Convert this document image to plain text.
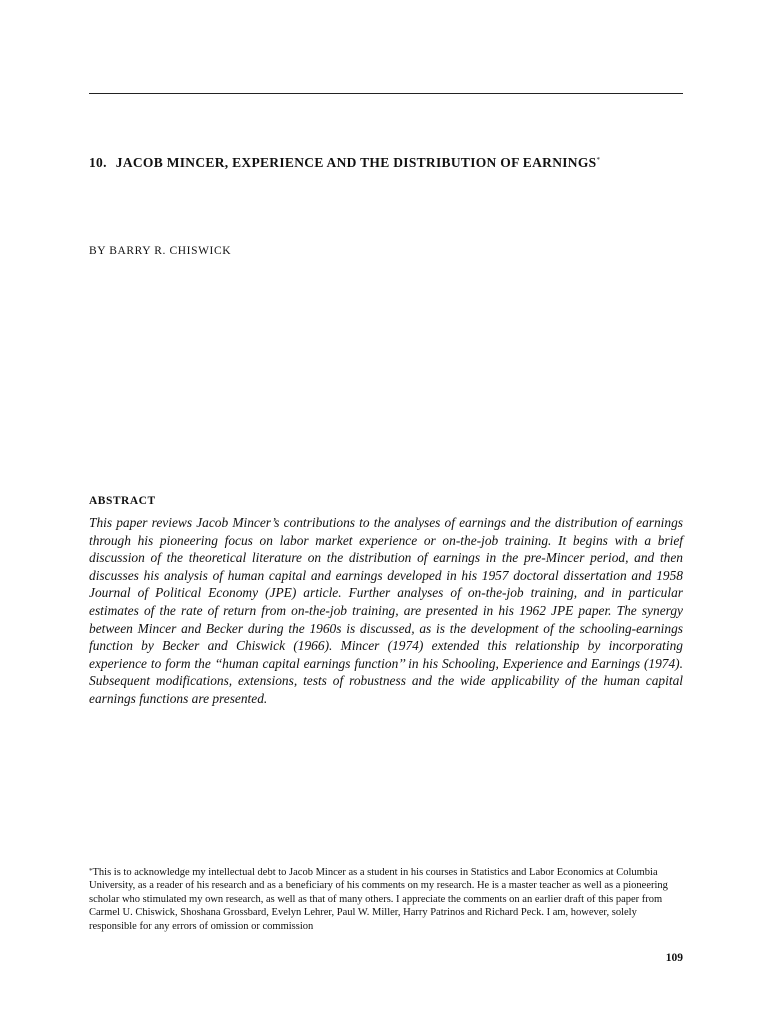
10. JACOB MINCER, EXPERIENCE AND THE DISTRIBUTION OF EARNINGS*

BY BARRY R. CHISWICK

ABSTRACT

This paper reviews Jacob Mincer’s contributions to the analyses of earnings and the distribution of earnings through his pioneering focus on labor market experience or on-the-job training. It begins with a brief discussion of the theoretical literature on the distribution of earnings in the pre-Mincer period, and then discusses his analysis of human capital and earnings developed in his 1957 doctoral dissertation and 1958 Journal of Political Economy (JPE) article. Further analyses of on-the-job training, and in particular estimates of the rate of return from on-the-job training, are presented in his 1962 JPE paper. The synergy between Mincer and Becker during the 1960s is discussed, as is the development of the schooling-earnings function by Becker and Chiswick (1966). Mincer (1974) extended this relationship by incorporating experience to form the ‘‘human capital earnings function’’ in his Schooling, Experience and Earnings (1974). Subsequent modifications, extensions, tests of robustness and the wide applicability of the human capital earnings functions are presented.

*This is to acknowledge my intellectual debt to Jacob Mincer as a student in his courses in Statistics and Labor Economics at Columbia University, as a reader of his research and as a beneficiary of his comments on my research. He is a master teacher as well as a pioneering scholar who stimulated my own research, as well as that of many others. I appreciate the comments on an earlier draft of this paper from Carmel U. Chiswick, Shoshana Grossbard, Evelyn Lehrer, Paul W. Miller, Harry Patrinos and Richard Peck. I am, however, solely responsible for any errors of omission or commission

109
